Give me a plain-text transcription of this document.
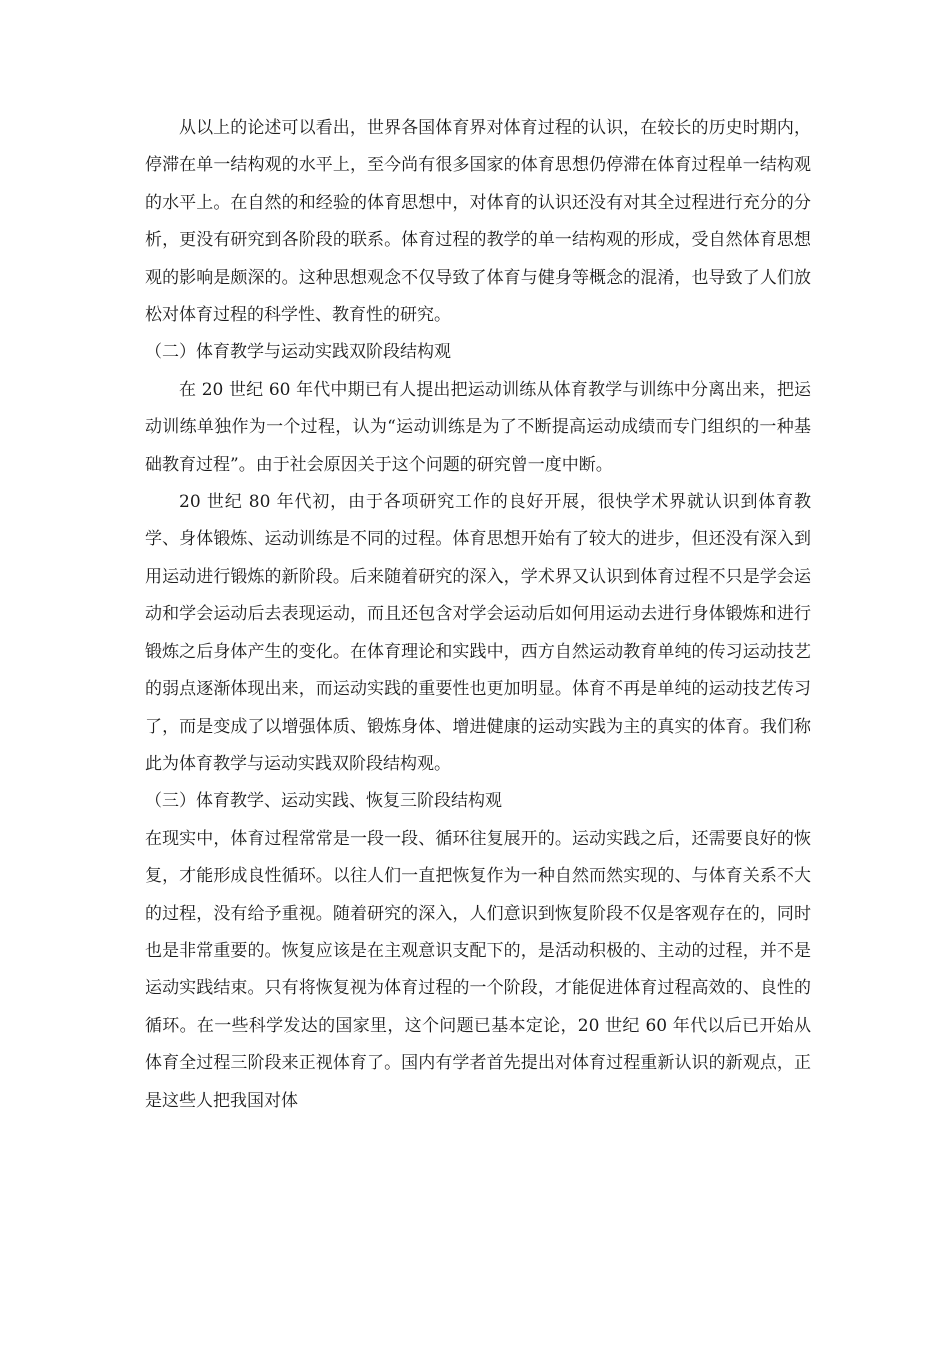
从以上的论述可以看出，世界各国体育界对体育过程的认识，在较长的历史时期内，停滞在单一结构观的水平上，至今尚有很多国家的体育思想仍停滞在体育过程单一结构观的水平上。在自然的和经验的体育思想中，对体育的认识还没有对其全过程进行充分的分析，更没有研究到各阶段的联系。体育过程的教学的单一结构观的形成，受自然体育思想观的影响是颇深的。这种思想观念不仅导致了体育与健身等概念的混淆，也导致了人们放松对体育过程的科学性、教育性的研究。

（二）体育教学与运动实践双阶段结构观

在 20 世纪 60 年代中期已有人提出把运动训练从体育教学与训练中分离出来，把运动训练单独作为一个过程，认为“运动训练是为了不断提高运动成绩而专门组织的一种基础教育过程”。由于社会原因关于这个问题的研究曾一度中断。

20 世纪 80 年代初，由于各项研究工作的良好开展，很快学术界就认识到体育教学、身体锻炼、运动训练是不同的过程。体育思想开始有了较大的进步，但还没有深入到用运动进行锻炼的新阶段。后来随着研究的深入，学术界又认识到体育过程不只是学会运动和学会运动后去表现运动，而且还包含对学会运动后如何用运动去进行身体锻炼和进行锻炼之后身体产生的变化。在体育理论和实践中，西方自然运动教育单纯的传习运动技艺的弱点逐渐体现出来，而运动实践的重要性也更加明显。体育不再是单纯的运动技艺传习了，而是变成了以增强体质、锻炼身体、增进健康的运动实践为主的真实的体育。我们称此为体育教学与运动实践双阶段结构观。

（三）体育教学、运动实践、恢复三阶段结构观

在现实中，体育过程常常是一段一段、循环往复展开的。运动实践之后，还需要良好的恢复，才能形成良性循环。以往人们一直把恢复作为一种自然而然实现的、与体育关系不大的过程，没有给予重视。随着研究的深入，人们意识到恢复阶段不仅是客观存在的，同时也是非常重要的。恢复应该是在主观意识支配下的，是活动积极的、主动的过程，并不是运动实践结束。只有将恢复视为体育过程的一个阶段，才能促进体育过程高效的、良性的循环。在一些科学发达的国家里，这个问题已基本定论，20 世纪 60 年代以后已开始从体育全过程三阶段来正视体育了。国内有学者首先提出对体育过程重新认识的新观点，正是这些人把我国对体
